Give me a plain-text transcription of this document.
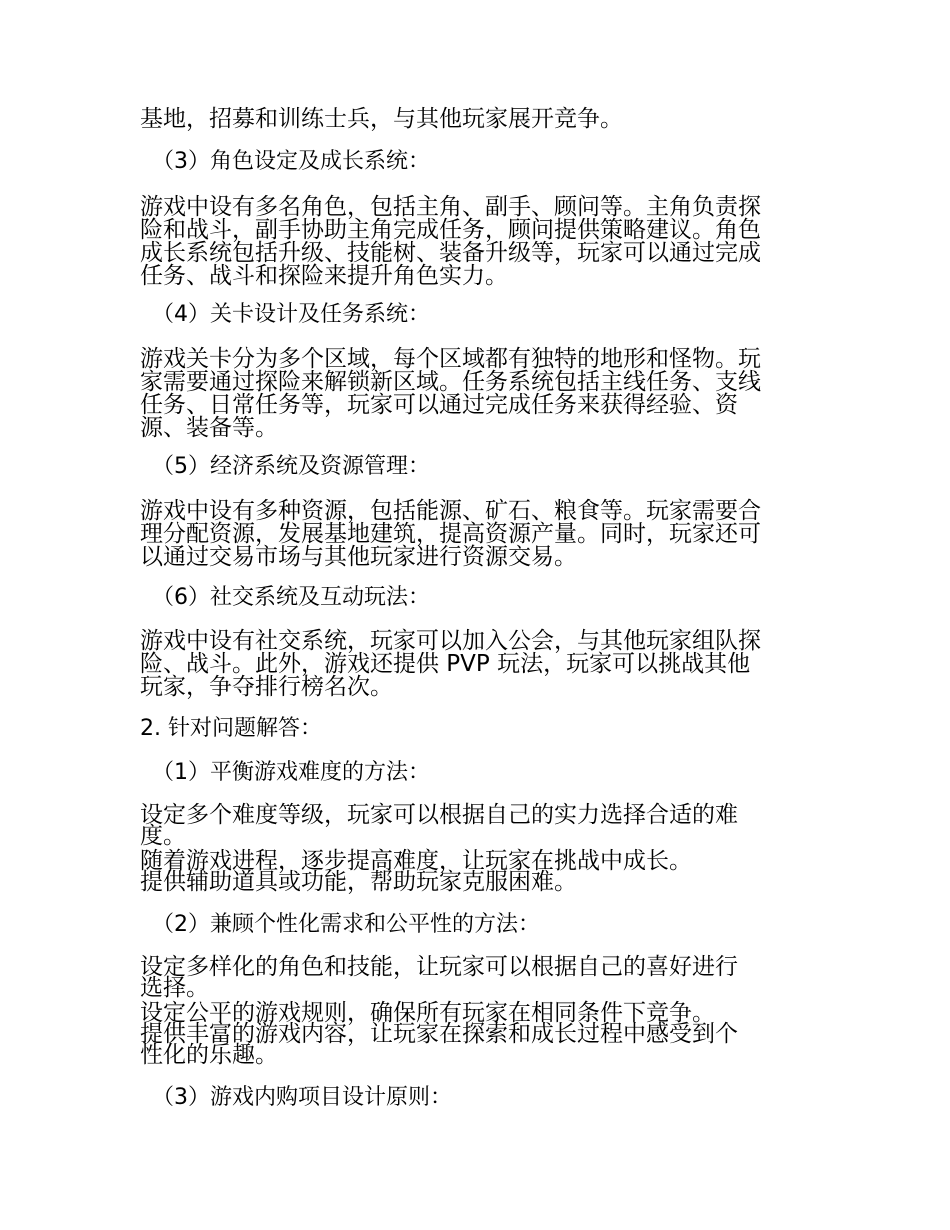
基地，招募和训练士兵，与其他玩家展开竞争。
（3）角色设定及成长系统：
游戏中设有多名角色，包括主角、副手、顾问等。主角负责探
险和战斗，副手协助主角完成任务，顾问提供策略建议。角色
成长系统包括升级、技能树、装备升级等，玩家可以通过完成
任务、战斗和探险来提升角色实力。
（4）关卡设计及任务系统：
游戏关卡分为多个区域，每个区域都有独特的地形和怪物。玩
家需要通过探险来解锁新区域。任务系统包括主线任务、支线
任务、日常任务等，玩家可以通过完成任务来获得经验、资
源、装备等。
（5）经济系统及资源管理：
游戏中设有多种资源，包括能源、矿石、粮食等。玩家需要合
理分配资源，发展基地建筑，提高资源产量。同时，玩家还可
以通过交易市场与其他玩家进行资源交易。
（6）社交系统及互动玩法：
游戏中设有社交系统，玩家可以加入公会，与其他玩家组队探
险、战斗。此外，游戏还提供 PVP 玩法，玩家可以挑战其他
玩家，争夺排行榜名次。
2. 针对问题解答：
（1）平衡游戏难度的方法：
设定多个难度等级，玩家可以根据自己的实力选择合适的难
度。
随着游戏进程，逐步提高难度，让玩家在挑战中成长。
提供辅助道具或功能，帮助玩家克服困难。
（2）兼顾个性化需求和公平性的方法：
设定多样化的角色和技能，让玩家可以根据自己的喜好进行
选择。
设定公平的游戏规则，确保所有玩家在相同条件下竞争。
提供丰富的游戏内容，让玩家在探索和成长过程中感受到个
性化的乐趣。
（3）游戏内购项目设计原则：
